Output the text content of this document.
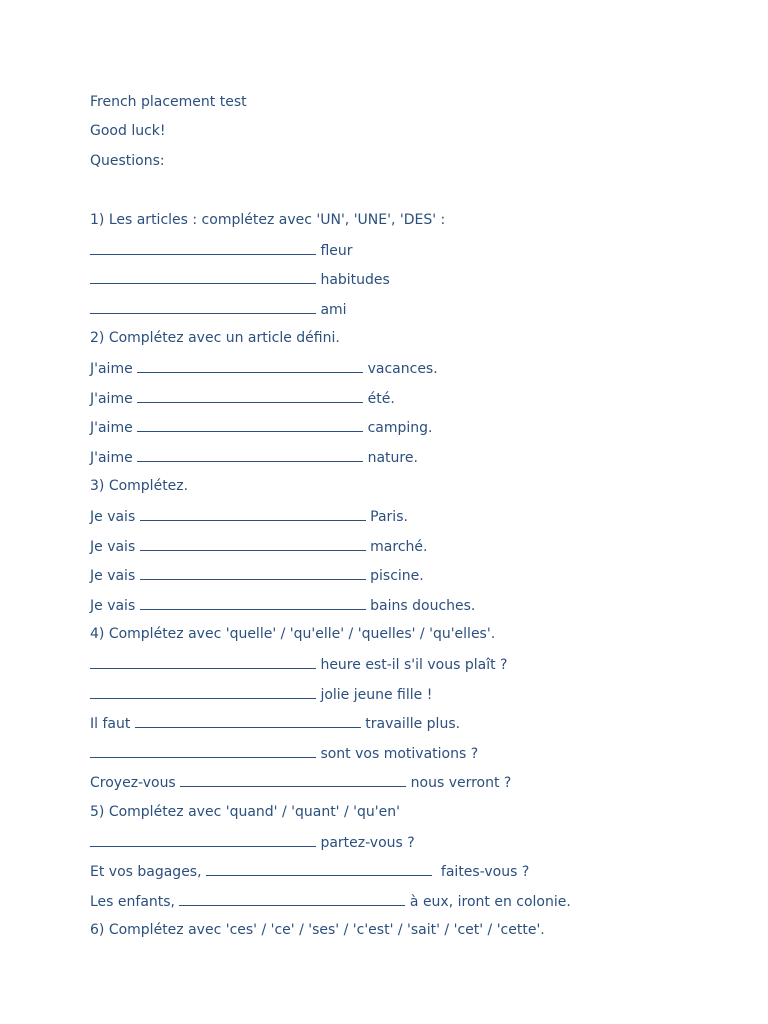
French placement test
Good luck!
Questions:
1) Les articles : complétez avec 'UN', 'UNE', 'DES' :
fleur
habitudes
ami
2) Complétez avec un article défini.
J'aime	vacances.
J'aime	été.
J'aime	camping.
J'aime	nature.
3) Complétez.
Je vais	Paris.
Je vais	marché.
Je vais	piscine.
Je vais	bains douches.
4) Complétez avec 'quelle' / 'qu'elle' / 'quelles' / 'qu'elles'.
heure est-il s'il vous plaît ?
jolie jeune fille !
Il faut	travaille plus.
sont vos motivations ?
Croyez-vous	nous verront ?
5) Complétez avec 'quand' / 'quant' / 'qu'en'
partez-vous ?
Et vos bagages,	faites-vous ?
Les enfants,	à eux, iront en colonie.
6) Complétez avec 'ces' / 'ce' / 'ses' / 'c'est' / 'sait' / 'cet' / 'cette'.
